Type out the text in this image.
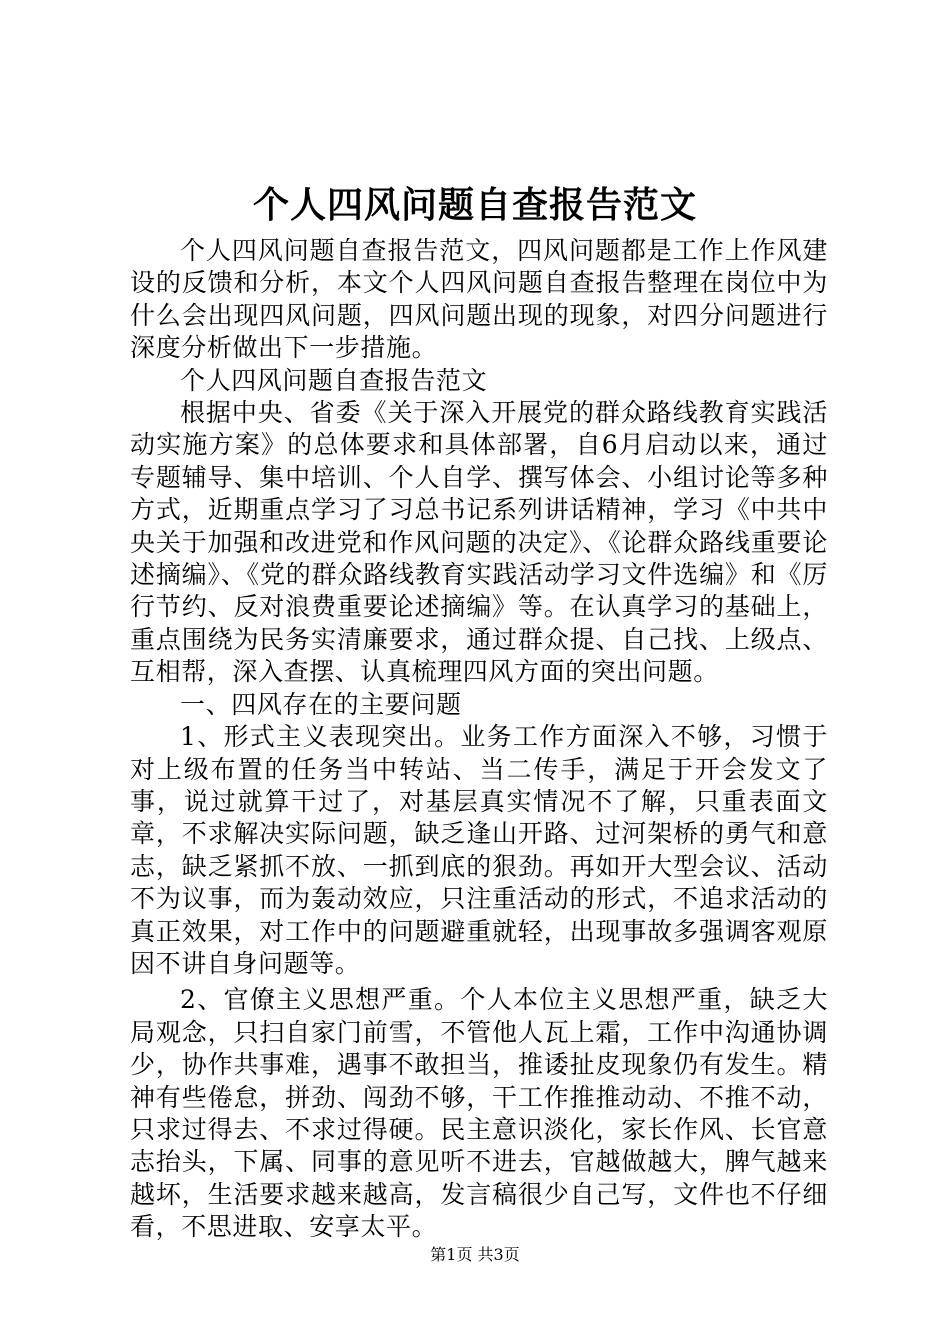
个人四风问题自查报告范文

个人四风问题自查报告范文，四风问题都是工作上作风建设的反馈和分析，本文个人四风问题自查报告整理在岗位中为什么会出现四风问题，四风问题出现的现象，对四分问题进行深度分析做出下一步措施。

个人四风问题自查报告范文

根据中央、省委《关于深入开展党的群众路线教育实践活动实施方案》的总体要求和具体部署，自6月启动以来，通过专题辅导、集中培训、个人自学、撰写体会、小组讨论等多种方式，近期重点学习了习总书记系列讲话精神，学习《中共中央关于加强和改进党和作风问题的决定》、《论群众路线重要论述摘编》、《党的群众路线教育实践活动学习文件选编》和《厉行节约、反对浪费重要论述摘编》等。在认真学习的基础上，重点围绕为民务实清廉要求，通过群众提、自己找、上级点、互相帮，深入查摆、认真梳理四风方面的突出问题。

一、四风存在的主要问题

1、形式主义表现突出。业务工作方面深入不够，习惯于对上级布置的任务当中转站、当二传手，满足于开会发文了事，说过就算干过了，对基层真实情况不了解，只重表面文章，不求解决实际问题，缺乏逢山开路、过河架桥的勇气和意志，缺乏紧抓不放、一抓到底的狠劲。再如开大型会议、活动不为议事，而为轰动效应，只注重活动的形式，不追求活动的真正效果，对工作中的问题避重就轻，出现事故多强调客观原因不讲自身问题等。

2、官僚主义思想严重。个人本位主义思想严重，缺乏大局观念，只扫自家门前雪，不管他人瓦上霜，工作中沟通协调少，协作共事难，遇事不敢担当，推诿扯皮现象仍有发生。精神有些倦怠，拼劲、闯劲不够，干工作推推动动、不推不动，只求过得去、不求过得硬。民主意识淡化，家长作风、长官意志抬头，下属、同事的意见听不进去，官越做越大，脾气越来越坏，生活要求越来越高，发言稿很少自己写，文件也不仔细看，不思进取、安享太平。

第1页 共3页
